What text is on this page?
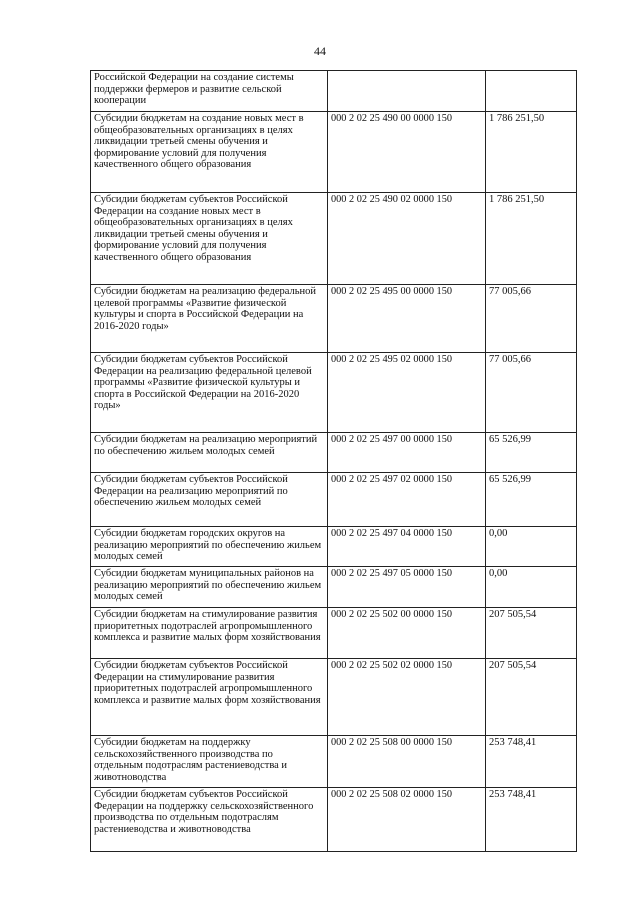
44
Российской Федерации на создание системы поддержки фермеров и развитие сельской кооперации		
Субсидии бюджетам на создание новых мест в общеобразовательных организациях в целях ликвидации третьей смены обучения и формирование условий для получения качественного общего образования	000 2 02 25 490 00 0000 150	1 786 251,50
Субсидии бюджетам субъектов Российской Федерации на создание новых мест в общеобразовательных организациях в целях ликвидации третьей смены обучения и формирование условий для получения качественного общего образования	000 2 02 25 490 02 0000 150	1 786 251,50
Субсидии бюджетам на реализацию федеральной целевой программы «Развитие физической культуры и спорта в Российской Федерации на 2016-2020 годы»	000 2 02 25 495 00 0000 150	77 005,66
Субсидии бюджетам субъектов Российской Федерации на реализацию федеральной целевой программы «Развитие физической культуры и спорта в Российской Федерации на 2016-2020 годы»	000 2 02 25 495 02 0000 150	77 005,66
Субсидии бюджетам на реализацию мероприятий по обеспечению жильем молодых семей	000 2 02 25 497 00 0000 150	65 526,99
Субсидии бюджетам субъектов Российской Федерации на реализацию мероприятий по обеспечению жильем молодых семей	000 2 02 25 497 02 0000 150	65 526,99
Субсидии бюджетам городских округов на реализацию мероприятий по обеспечению жильем молодых семей	000 2 02 25 497 04 0000 150	0,00
Субсидии бюджетам муниципальных районов на реализацию мероприятий по обеспечению жильем молодых семей	000 2 02 25 497 05 0000 150	0,00
Субсидии бюджетам на стимулирование развития приоритетных подотраслей агропромышленного комплекса и развитие малых форм хозяйствования	000 2 02 25 502 00 0000 150	207 505,54
Субсидии бюджетам субъектов Российской Федерации на стимулирование развития приоритетных подотраслей агропромышленного комплекса и развитие малых форм хозяйствования	000 2 02 25 502 02 0000 150	207 505,54
Субсидии бюджетам на поддержку сельскохозяйственного производства по отдельным подотраслям растениеводства и животноводства	000 2 02 25 508 00 0000 150	253 748,41
Субсидии бюджетам субъектов Российской Федерации на поддержку сельскохозяйственного производства по отдельным подотраслям растениеводства и животноводства	000 2 02 25 508 02 0000 150	253 748,41
